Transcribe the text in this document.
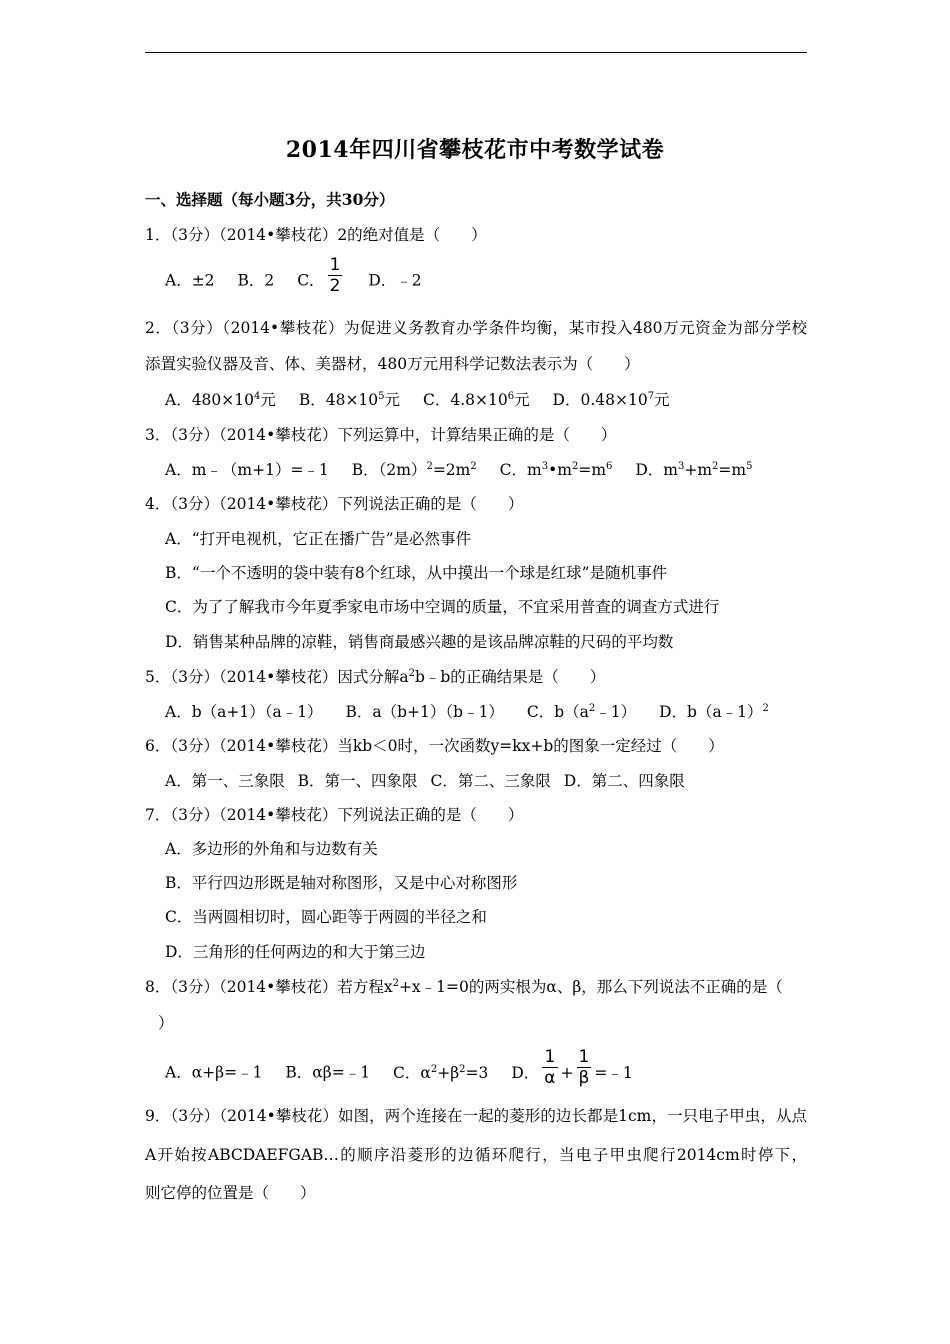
2014年四川省攀枝花市中考数学试卷
一、选择题（每小题3分，共30分）
1．（3分）（2014•攀枝花）2的绝对值是（　　）
A．±2 B．2 C． $\frac{1}{2}$ D．﹣2
2．（3分）（2014•攀枝花）为促进义务教育办学条件均衡，某市投入480万元资金为部分学校
添置实验仪器及音、体、美器材，480万元用科学记数法表示为（　　）
A．$480\times 10^4$元 B．$48\times 10^5$元 C．$4.8\times 10^6$元 D．$0.48\times 10^7$元
3．（3分）（2014•攀枝花）下列运算中，计算结果正确的是（　　）
A．m﹣（m+1）=﹣1 B．$(2m)^2=2m^2$ C．$m^3•m^2=m^6$ D．$m^3+m^2=m^5$
4．（3分）（2014•攀枝花）下列说法正确的是（　　）
A．“打开电视机，它正在播广告”是必然事件
B．“一个不透明的袋中装有8个红球，从中摸出一个球是红球”是随机事件
C．为了了解我市今年夏季家电市场中空调的质量，不宜采用普查的调查方式进行
D．销售某种品牌的凉鞋，销售商最感兴趣的是该品牌凉鞋的尺码的平均数
5．（3分）（2014•攀枝花）因式分解$a^2b﹣b$的正确结果是（　　）
A．b（a+1）（a﹣1） B．a（b+1）（b﹣1） C．$b(a^2﹣1)$ D．b（a﹣1）$^2$
6．（3分）（2014•攀枝花）当kb＜0时，一次函数y=kx+b的图象一定经过（　　）
A．第一、三象限 B．第一、四象限 C．第二、三象限 D．第二、四象限
7．（3分）（2014•攀枝花）下列说法正确的是（　　）
A．多边形的外角和与边数有关
B．平行四边形既是轴对称图形，又是中心对称图形
C．当两圆相切时，圆心距等于两圆的半径之和
D．三角形的任何两边的和大于第三边
8．（3分）（2014•攀枝花）若方程$x^2+x﹣1=0$的两实根为α、β，那么下列说法不正确的是（
）
A．α+β=﹣1 B．αβ=﹣1 C．$\alpha^2+\beta^2=3$ D． $\frac{1}{\alpha} + \frac{1}{\beta}$ =﹣1
9．（3分）（2014•攀枝花）如图，两个连接在一起的菱形的边长都是1cm，一只电子甲虫，从点
A开始按ABCDAEFGAB…的顺序沿菱形的边循环爬行，当电子甲虫爬行2014cm时停下，
则它停的位置是（　　）
